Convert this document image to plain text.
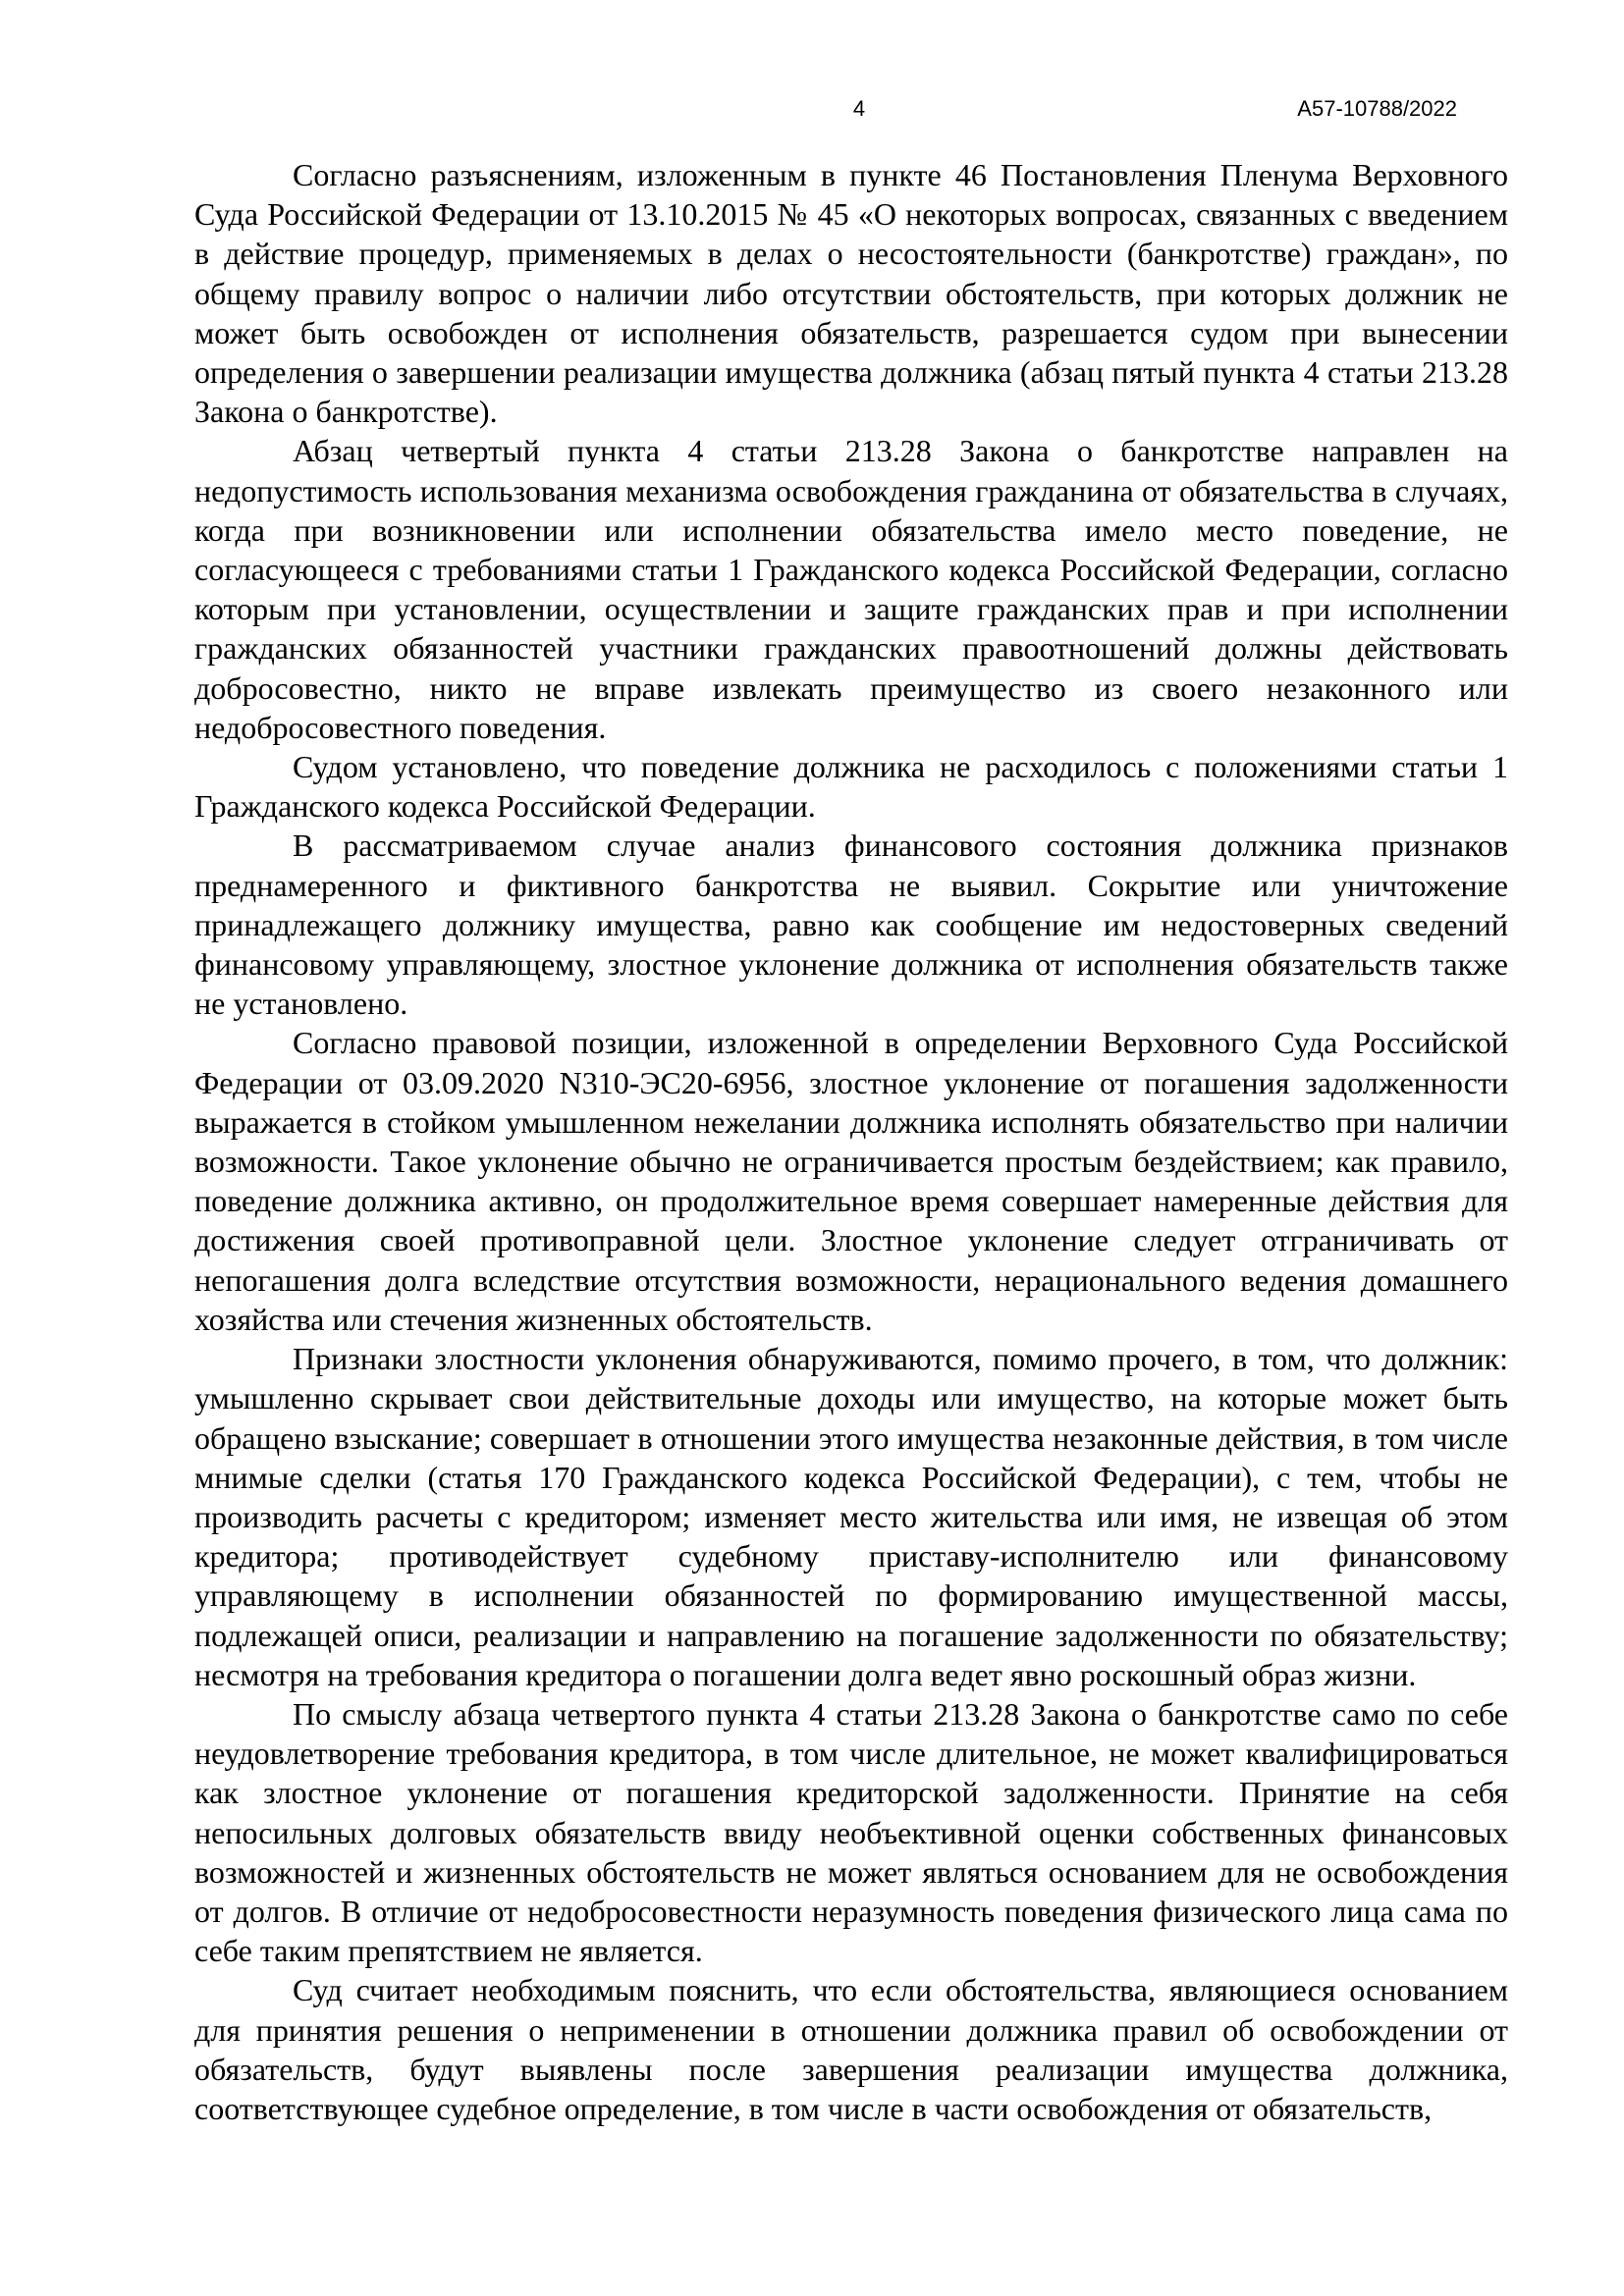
4	А57-10788/2022

Согласно разъяснениям, изложенным в пункте 46 Постановления Пленума Верховного Суда Российской Федерации от 13.10.2015 № 45 «О некоторых вопросах, связанных с введением в действие процедур, применяемых в делах о несостоятельности (банкротстве) граждан», по общему правилу вопрос о наличии либо отсутствии обстоятельств, при которых должник не может быть освобожден от исполнения обязательств, разрешается судом при вынесении определения о завершении реализации имущества должника (абзац пятый пункта 4 статьи 213.28 Закона о банкротстве).

Абзац четвертый пункта 4 статьи 213.28 Закона о банкротстве направлен на недопустимость использования механизма освобождения гражданина от обязательства в случаях, когда при возникновении или исполнении обязательства имело место поведение, не согласующееся с требованиями статьи 1 Гражданского кодекса Российской Федерации, согласно которым при установлении, осуществлении и защите гражданских прав и при исполнении гражданских обязанностей участники гражданских правоотношений должны действовать добросовестно, никто не вправе извлекать преимущество из своего незаконного или недобросовестного поведения.

Судом установлено, что поведение должника не расходилось с положениями статьи 1 Гражданского кодекса Российской Федерации.

В рассматриваемом случае анализ финансового состояния должника признаков преднамеренного и фиктивного банкротства не выявил. Сокрытие или уничтожение принадлежащего должнику имущества, равно как сообщение им недостоверных сведений финансовому управляющему, злостное уклонение должника от исполнения обязательств также не установлено.

Согласно правовой позиции, изложенной в определении Верховного Суда Российской Федерации от 03.09.2020 N310-ЭС20-6956, злостное уклонение от погашения задолженности выражается в стойком умышленном нежелании должника исполнять обязательство при наличии возможности. Такое уклонение обычно не ограничивается простым бездействием; как правило, поведение должника активно, он продолжительное время совершает намеренные действия для достижения своей противоправной цели. Злостное уклонение следует отграничивать от непогашения долга вследствие отсутствия возможности, нерационального ведения домашнего хозяйства или стечения жизненных обстоятельств.

Признаки злостности уклонения обнаруживаются, помимо прочего, в том, что должник: умышленно скрывает свои действительные доходы или имущество, на которые может быть обращено взыскание; совершает в отношении этого имущества незаконные действия, в том числе мнимые сделки (статья 170 Гражданского кодекса Российской Федерации), с тем, чтобы не производить расчеты с кредитором; изменяет место жительства или имя, не извещая об этом кредитора; противодействует судебному приставу-исполнителю или финансовому управляющему в исполнении обязанностей по формированию имущественной массы, подлежащей описи, реализации и направлению на погашение задолженности по обязательству; несмотря на требования кредитора о погашении долга ведет явно роскошный образ жизни.

По смыслу абзаца четвертого пункта 4 статьи 213.28 Закона о банкротстве само по себе неудовлетворение требования кредитора, в том числе длительное, не может квалифицироваться как злостное уклонение от погашения кредиторской задолженности. Принятие на себя непосильных долговых обязательств ввиду необъективной оценки собственных финансовых возможностей и жизненных обстоятельств не может являться основанием для не освобождения от долгов. В отличие от недобросовестности неразумность поведения физического лица сама по себе таким препятствием не является.

Суд считает необходимым пояснить, что если обстоятельства, являющиеся основанием для принятия решения о неприменении в отношении должника правил об освобождении от обязательств, будут выявлены после завершения реализации имущества должника, соответствующее судебное определение, в том числе в части освобождения от обязательств,
